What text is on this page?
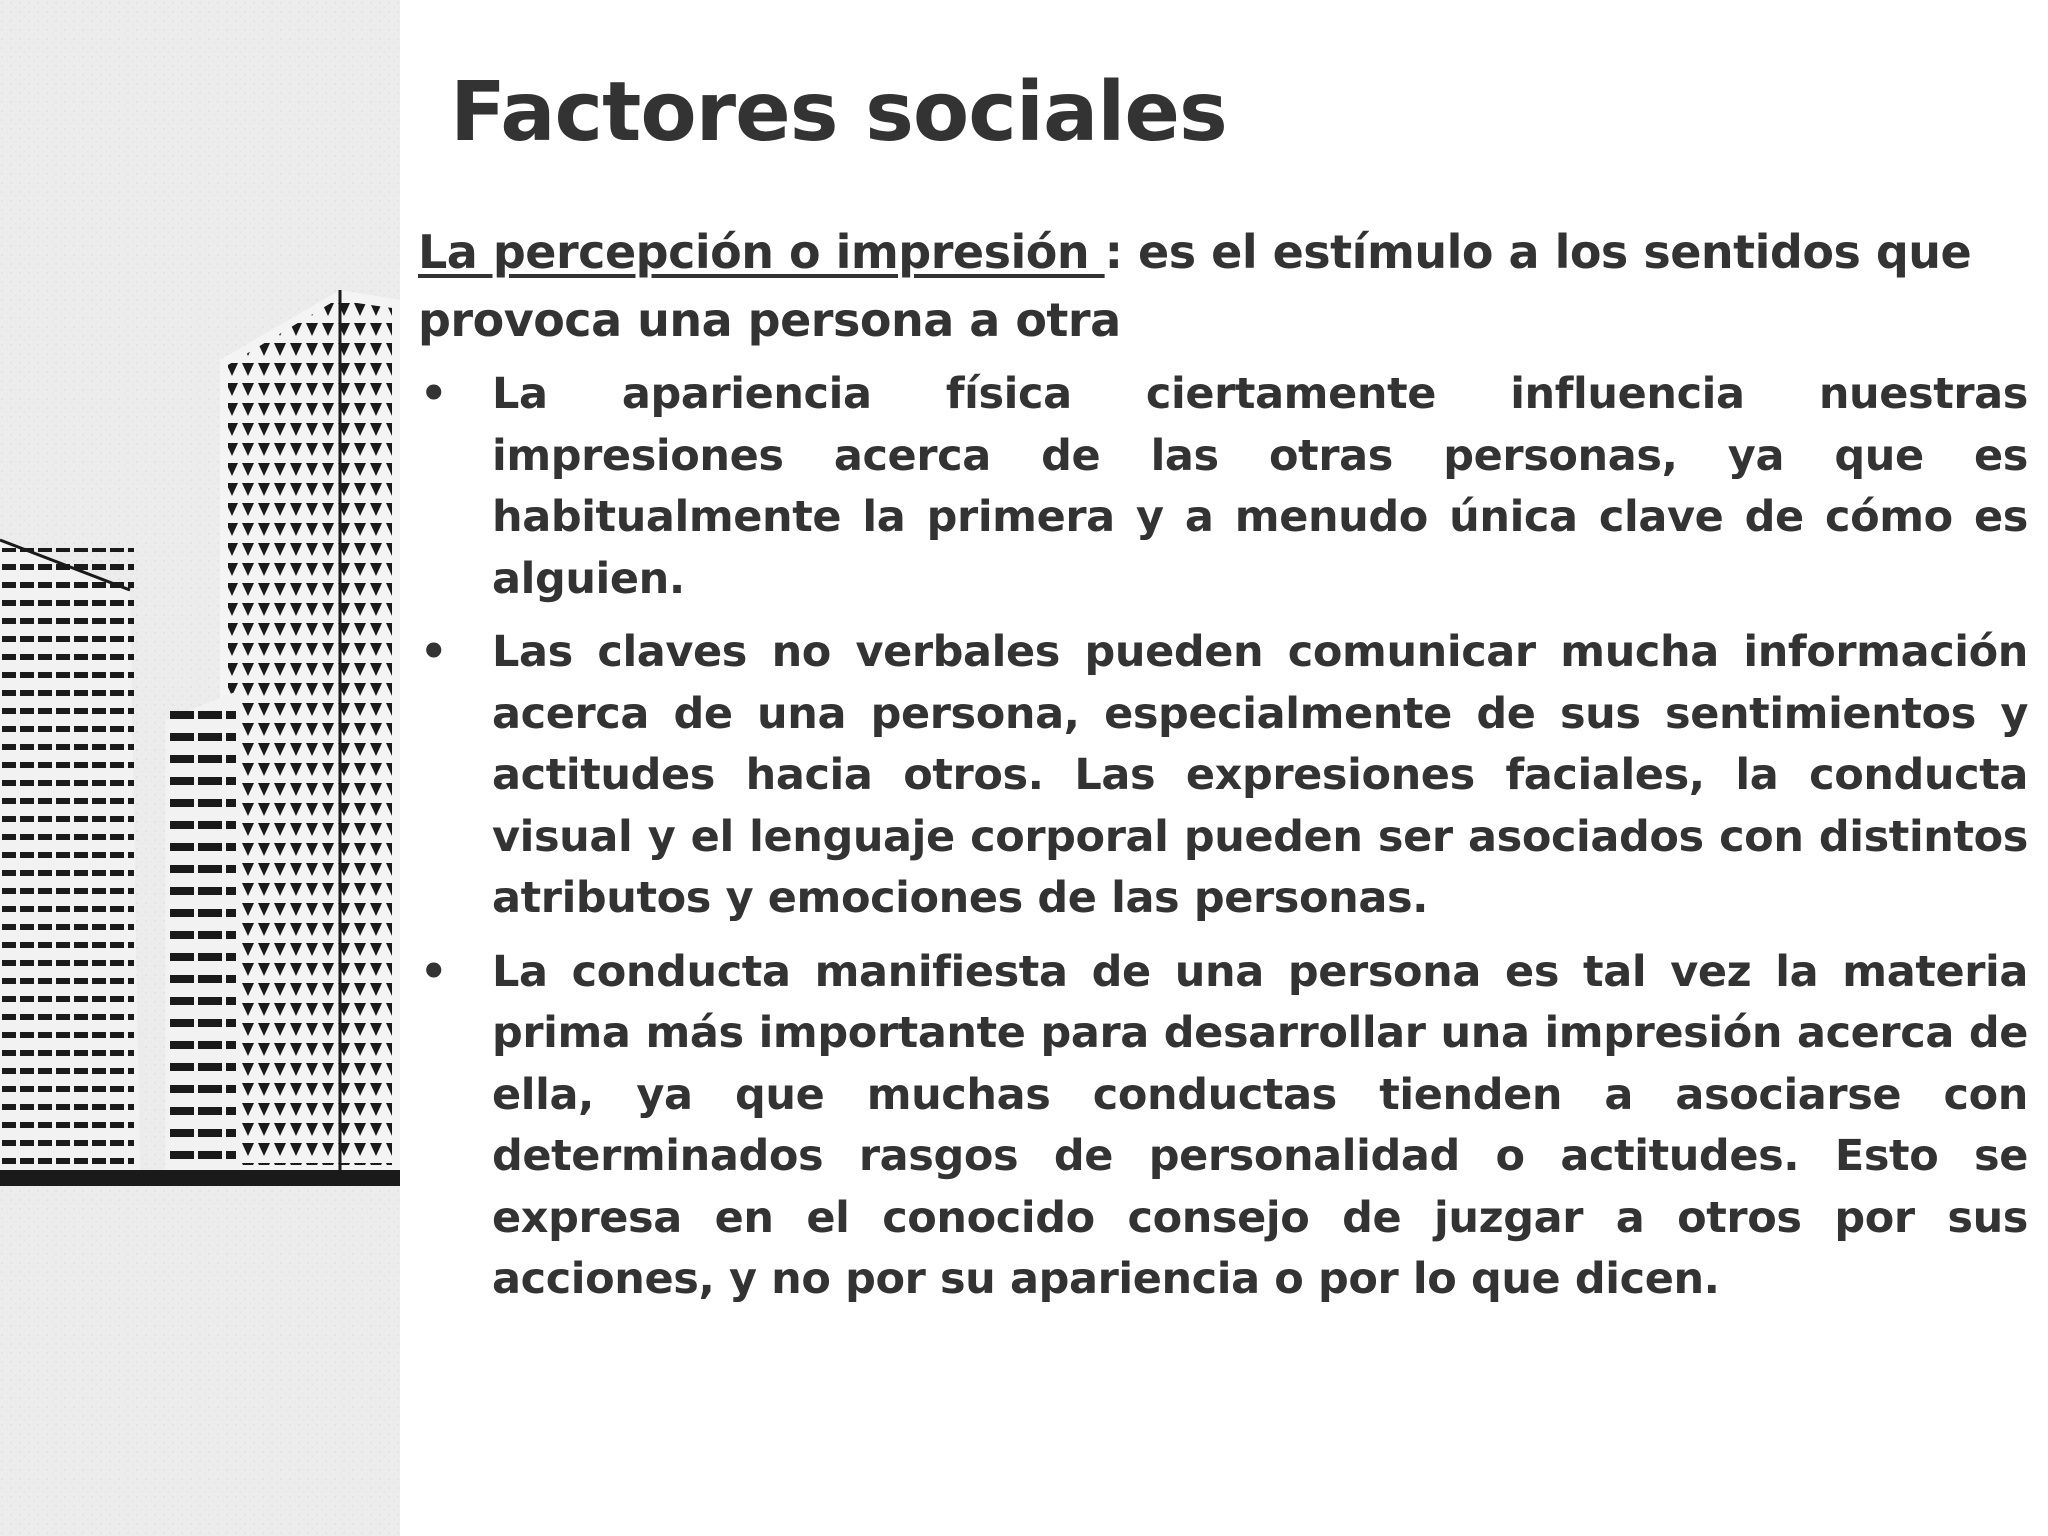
Factores sociales

La percepción o impresión : es el estímulo a los sentidos que provoca una persona a otra

•	La apariencia física ciertamente influencia nuestras impresiones acerca de las otras personas, ya que es habitualmente la primera y a menudo única clave de cómo es alguien.
•	Las claves no verbales pueden comunicar mucha información acerca de una persona, especialmente de sus sentimientos y actitudes hacia otros. Las expresiones faciales, la conducta visual y el lenguaje corporal pueden ser asociados con distintos atributos y emociones de las personas.
•	La conducta manifiesta de una persona es tal vez la materia prima más importante para desarrollar una impresión acerca de ella, ya que muchas conductas tienden a asociarse con determinados rasgos de personalidad o actitudes. Esto se expresa en el conocido consejo de juzgar a otros por sus acciones, y no por su apariencia o por lo que dicen.
